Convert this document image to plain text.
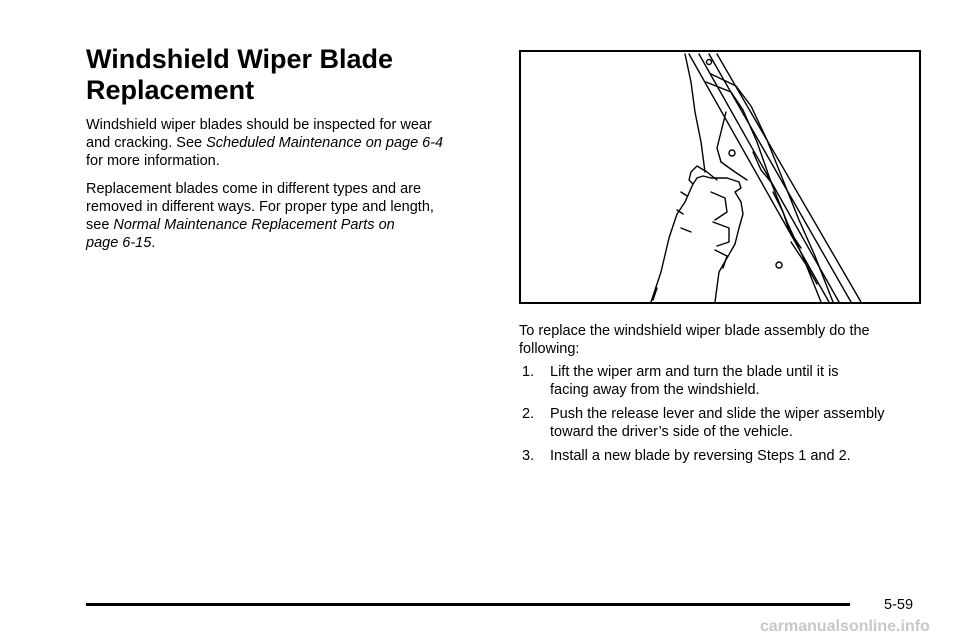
Windshield Wiper Blade
Replacement

Windshield wiper blades should be inspected for wear
and cracking. See Scheduled Maintenance on page 6-4
for more information.

Replacement blades come in different types and are
removed in different ways. For proper type and length,
see Normal Maintenance Replacement Parts on
page 6-15.

To replace the windshield wiper blade assembly do the
following:

1.	Lift the wiper arm and turn the blade until it is
facing away from the windshield.
2.	Push the release lever and slide the wiper assembly
toward the driver’s side of the vehicle.
3.	Install a new blade by reversing Steps 1 and 2.
5-59
carmanualsonline.info
